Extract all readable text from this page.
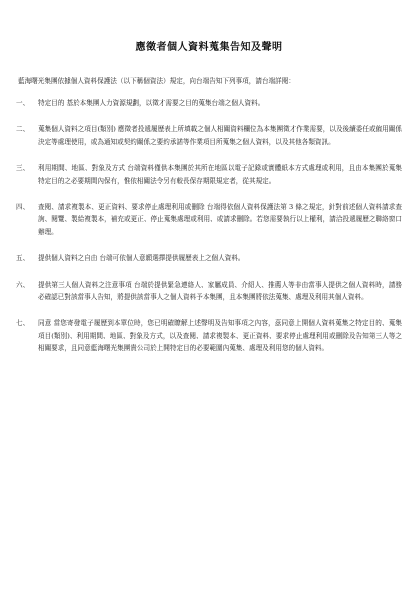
應徵者個人資料蒐集告知及聲明

藍海曙光集團依據個人資料保護法（以下稱個資法）規定，向台端告知下列事項，請台端詳閱：

一、	特定目的 基於本集團人力資源規劃，以徵才需要之目的蒐集台端之個人資料。
二、	蒐集個人資料之項目(類別) 應徵者投遞履歷表上所填載之個人相關資料欄位為本集團徵才作業需要，以及後續委任或僱用關係決定等處理使用，或為通知或契約關係之要約承諾等作業項目所蒐集之個人資料，以及其他各類資訊。
三、	利用期間、地區、對象及方式 台端資料僅供本集團於其所在地區以電子記錄或實體紙本方式處理或利用，且由本集團於蒐集特定目的之必要期間內保有，惟依相關法令另有較長保存期限規定者，從其規定。
四、	查閱、請求複製本、更正資料、要求停止處理利用或刪除 台端得依個人資料保護法第 3 條之規定，針對前述個人資料請求查詢、閱覽、製給複製本，補充或更正、停止蒐集處理或利用、或請求刪除。若您需要執行以上權利，請洽投遞履歷之聯絡窗口辦理。
五、	提供個人資料之自由 台端可依個人意願選擇提供履歷表上之個人資料。
六、	提供第三人個人資料之注意事項 台端於提供緊急連絡人、家屬成員、介紹人、推薦人等非由當事人提供之個人資料時，請務必確認已對該當事人告知，將提供該當事人之個人資料予本集團，且本集團將依法蒐集、處理及利用其個人資料。
七、	同意 當您寄發電子履歷到本單位時，您已明確瞭解上述聲明及告知事項之內容，茲同意上開個人資料蒐集之特定目的、蒐集項目(類別)、利用期間、地區、對象及方式，以及查閱、請求複製本、更正資料、要求停止處理利用或刪除及告知第三人等之相關要求，且同意藍海曙光集團貴公司於上開特定目的必要範圍內蒐集、處理及利用您的個人資料。
